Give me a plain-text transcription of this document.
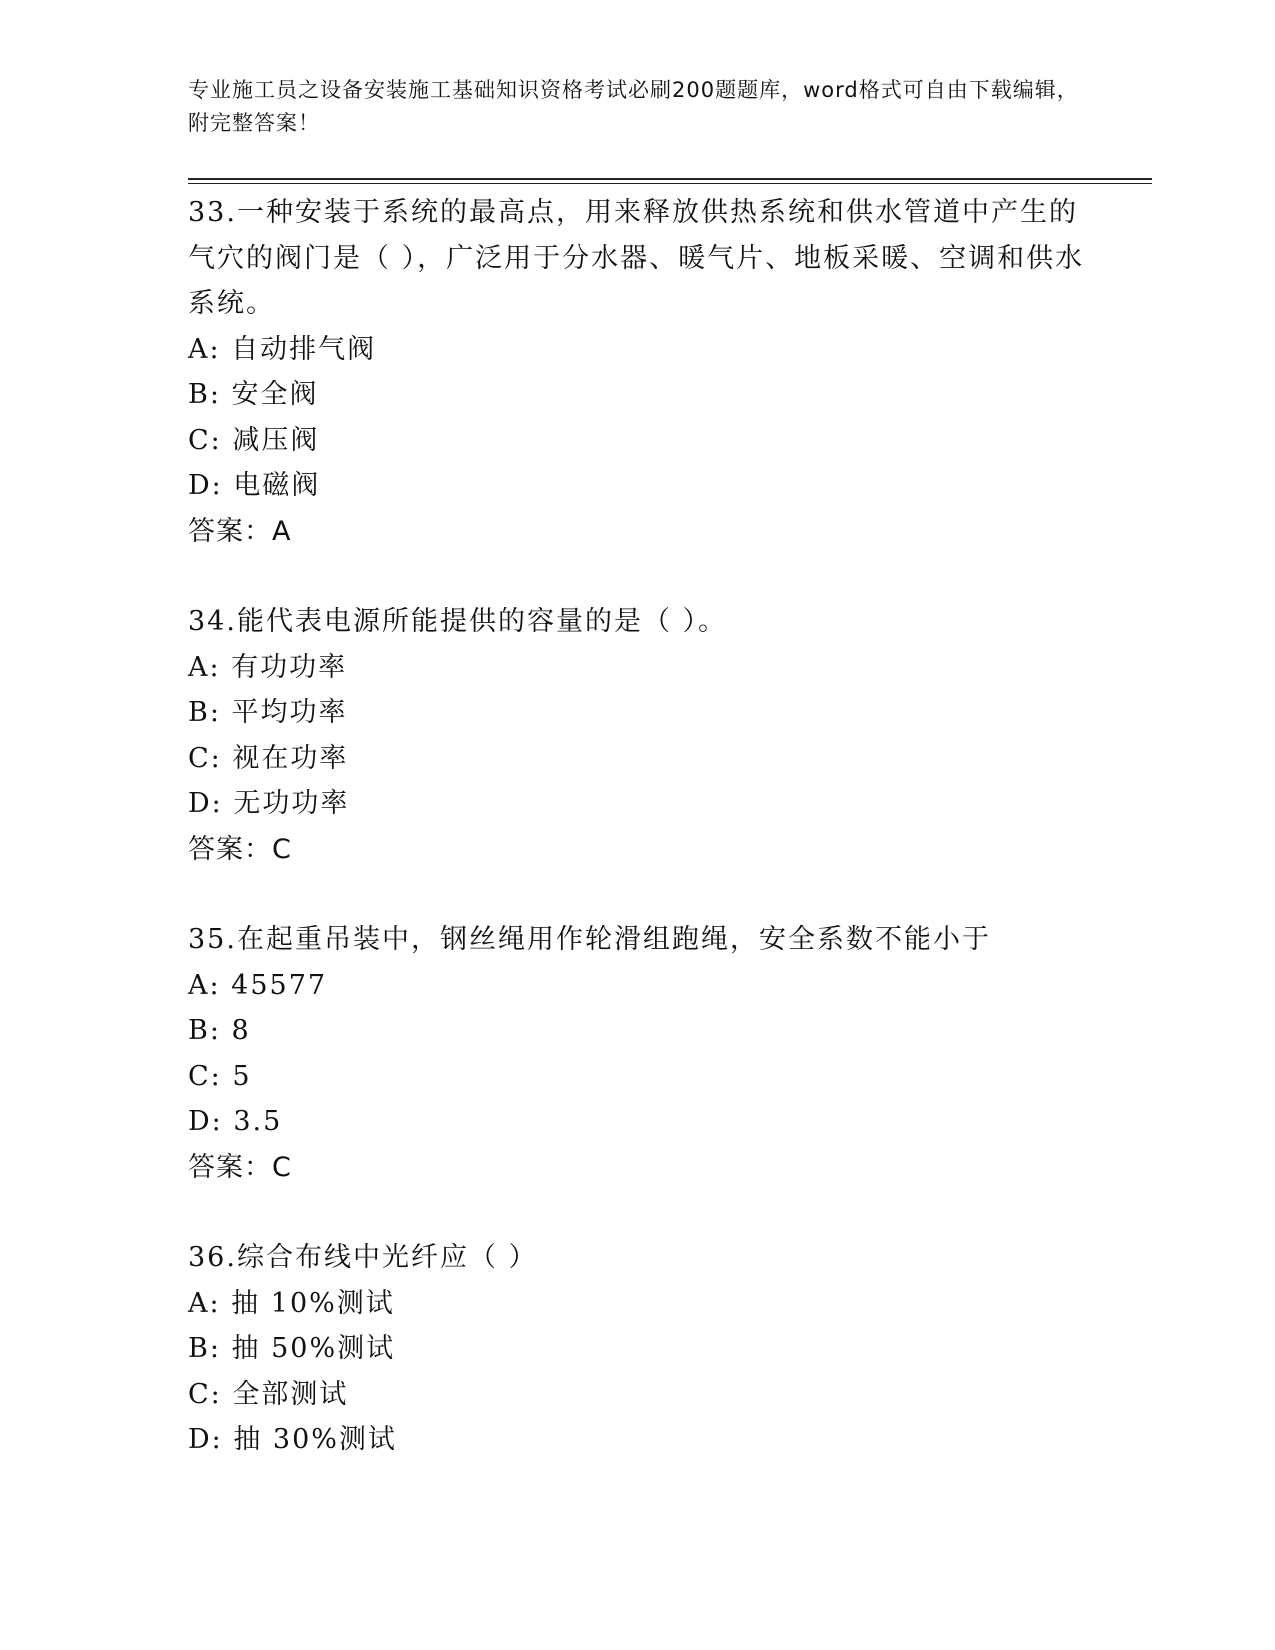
专业施工员之设备安装施工基础知识资格考试必刷200题题库，word格式可自由下载编辑，附完整答案！

33.一种安装于系统的最高点，用来释放供热系统和供水管道中产生的气穴的阀门是（ ），广泛用于分水器、暖气片、地板采暖、空调和供水系统。

A: 自动排气阀

B: 安全阀

C: 减压阀

D: 电磁阀

答案：A

34.能代表电源所能提供的容量的是（ ）。

A: 有功功率

B: 平均功率

C: 视在功率

D: 无功功率

答案：C

35.在起重吊装中，钢丝绳用作轮滑组跑绳，安全系数不能小于

A: 45577

B: 8

C: 5

D: 3.5

答案：C

36.综合布线中光纤应（ ）

A: 抽 10%测试

B: 抽 50%测试

C: 全部测试

D: 抽 30%测试
